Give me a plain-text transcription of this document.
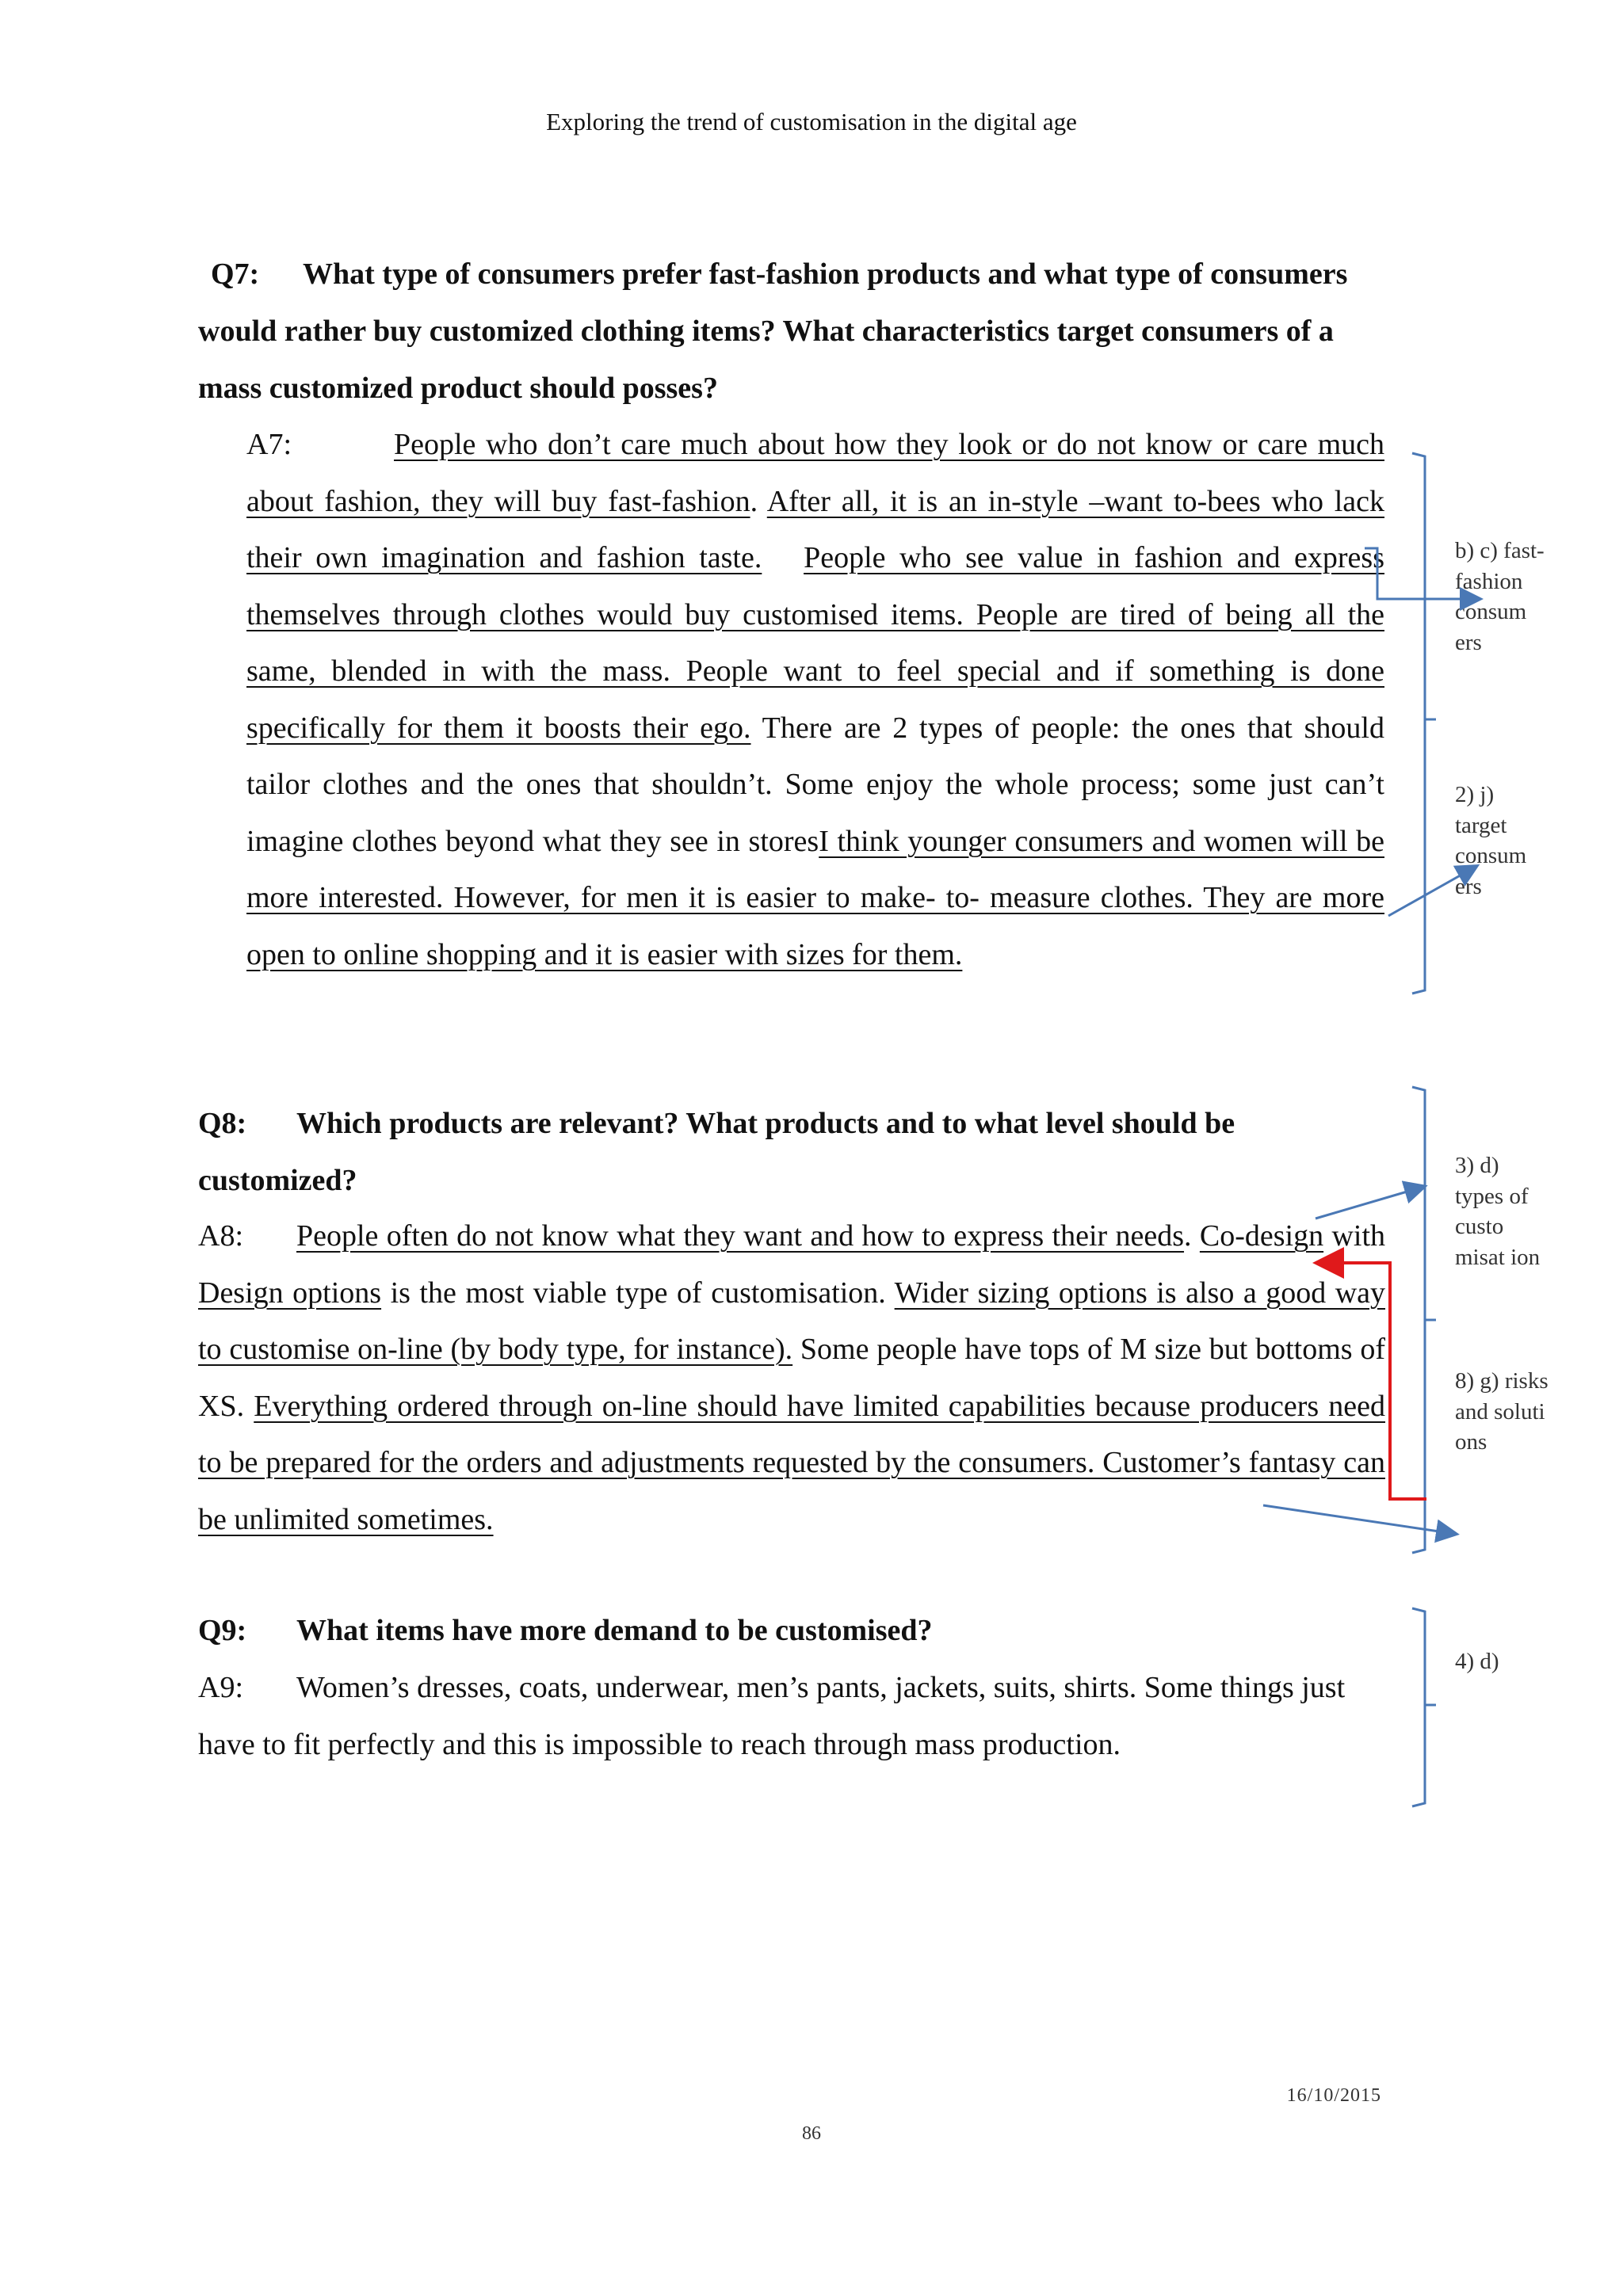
Exploring the trend of customisation in the digital age
Q7: What type of consumers prefer fast-fashion products and what type of consumers would rather buy customized clothing items? What characteristics target consumers of a mass customized product should posses?
A7:	People who don’t care much about how they look or do not know or care much about fashion, they will buy fast-fashion. After all, it is an in-style –want to-bees who lack their own imagination and fashion taste. People who see value in fashion and express themselves through clothes would buy customised items. People are tired of being all the same, blended in with the mass. People want to feel special and if something is done specifically for them it boosts their ego. There are 2 types of people: the ones that should tailor clothes and the ones that shouldn’t. Some enjoy the whole process; some just can’t imagine clothes beyond what they see in storesI think younger consumers and women will be more interested. However, for men it is easier to make- to- measure clothes. They are more open to online shopping and it is easier with sizes for them.
Q8: Which products are relevant? What products and to what level should be customized?
A8: People often do not know what they want and how to express their needs. Co-design with Design options is the most viable type of customisation. Wider sizing options is also a good way to customise on-line (by body type, for instance). Some people have tops of M size but bottoms of XS. Everything ordered through on-line should have limited capabilities because producers need to be prepared for the orders and adjustments requested by the consumers. Customer’s fantasy can be unlimited sometimes.
Q9: What items have more demand to be customised?
A9: Women’s dresses, coats, underwear, men’s pants, jackets, suits, shirts. Some things just have to fit perfectly and this is impossible to reach through mass production.
b) c) fast-fashion consum ers
2) j) target consum ers
3) d) types of custo misat ion
8) g) risks and soluti ons
4) d)
16/10/2015
86
